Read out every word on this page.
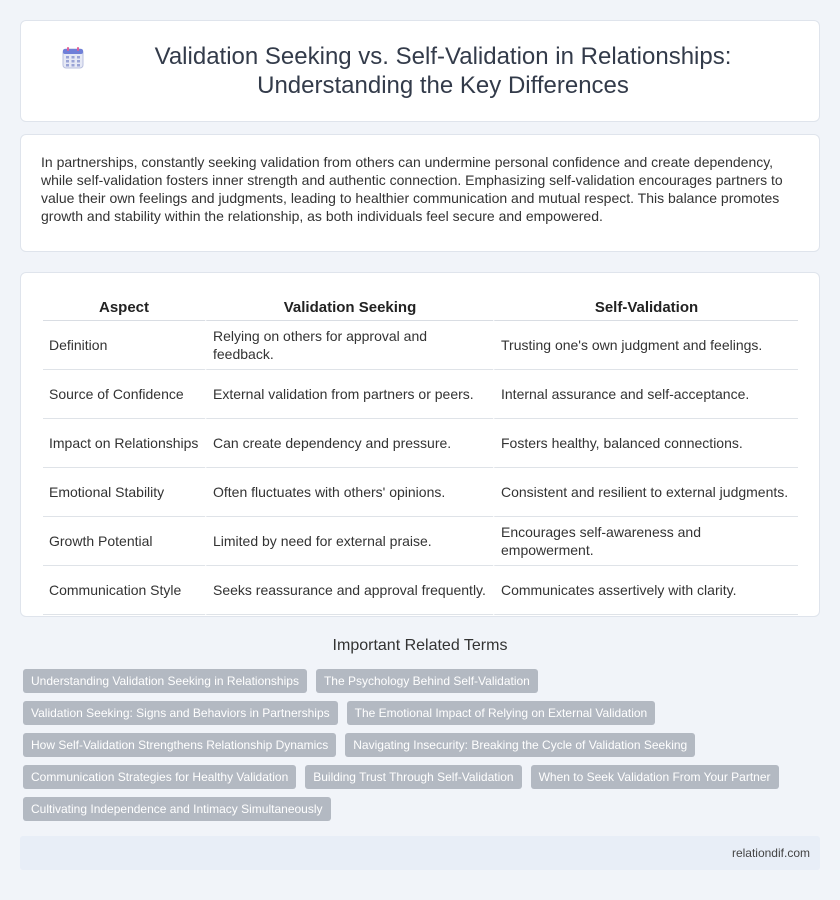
Validation Seeking vs. Self-Validation in Relationships: Understanding the Key Differences

In partnerships, constantly seeking validation from others can undermine personal confidence and create dependency, while self-validation fosters inner strength and authentic connection. Emphasizing self-validation encourages partners to value their own feelings and judgments, leading to healthier communication and mutual respect. This balance promotes growth and stability within the relationship, as both individuals feel secure and empowered.

Aspect	Validation Seeking	Self-Validation
Definition	Relying on others for approval and feedback.	Trusting one's own judgment and feelings.
Source of Confidence	External validation from partners or peers.	Internal assurance and self-acceptance.
Impact on Relationships	Can create dependency and pressure.	Fosters healthy, balanced connections.
Emotional Stability	Often fluctuates with others' opinions.	Consistent and resilient to external judgments.
Growth Potential	Limited by need for external praise.	Encourages self-awareness and empowerment.
Communication Style	Seeks reassurance and approval frequently.	Communicates assertively with clarity.
Important Related Terms
Understanding Validation Seeking in Relationships	The Psychology Behind Self-Validation
Validation Seeking: Signs and Behaviors in Partnerships	The Emotional Impact of Relying on External Validation
How Self-Validation Strengthens Relationship Dynamics	Navigating Insecurity: Breaking the Cycle of Validation Seeking
Communication Strategies for Healthy Validation	Building Trust Through Self-Validation	When to Seek Validation From Your Partner
Cultivating Independence and Intimacy Simultaneously
relationdif.com
